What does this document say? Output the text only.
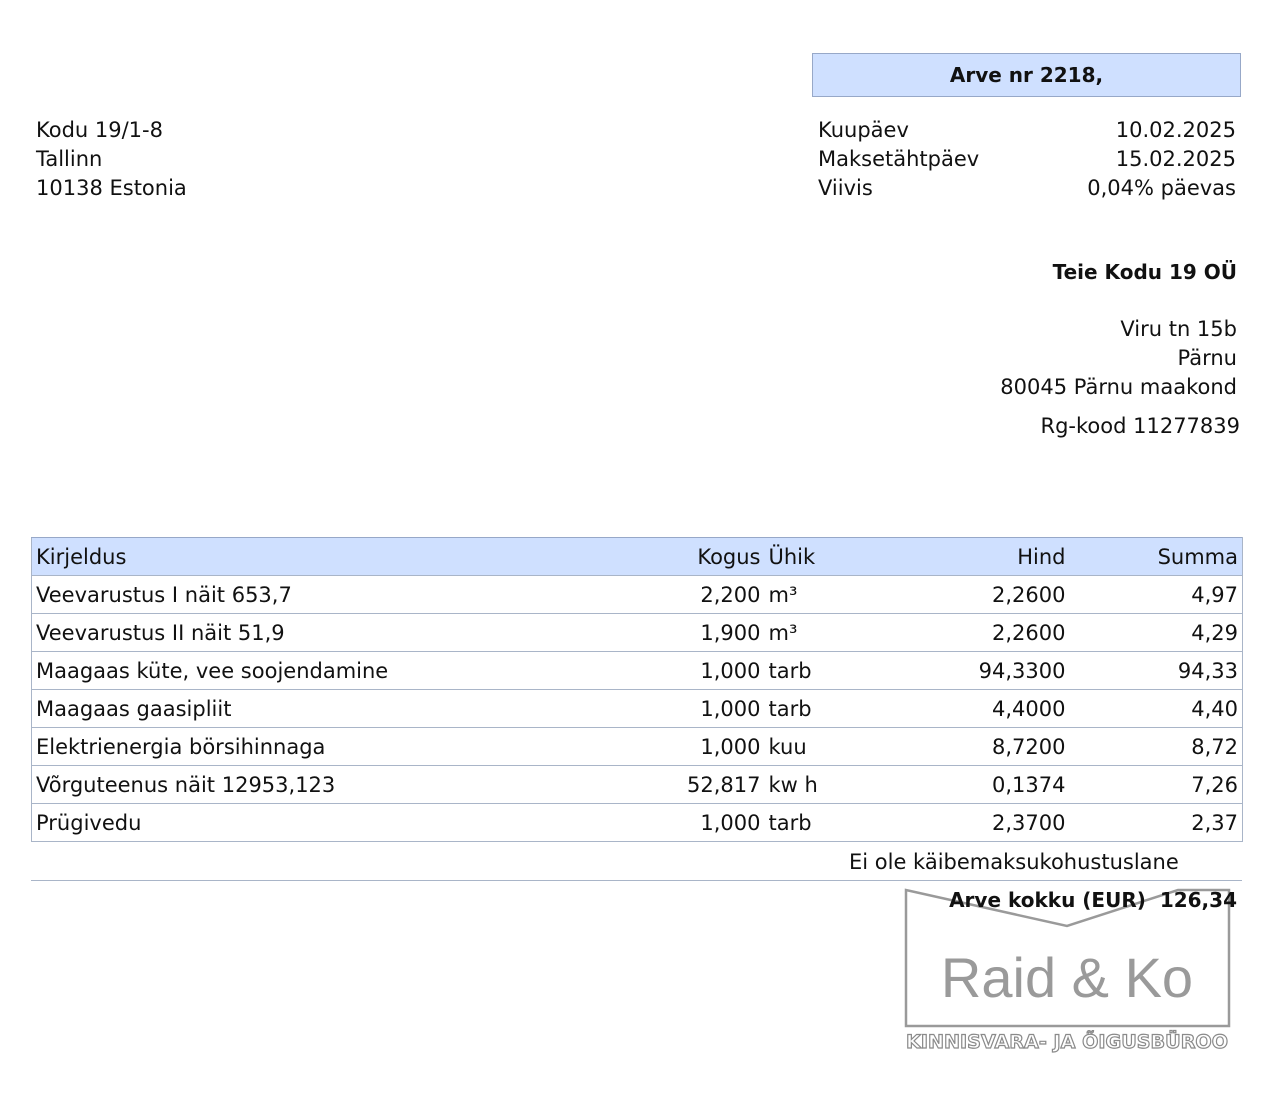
Arve nr 2218,
Kodu 19/1-8
Tallinn
10138 Estonia
Kuupäev	10.02.2025
Maksetähtpäev	15.02.2025
Viivis	0,04% päevas
Teie Kodu 19 OÜ
Viru tn 15b
Pärnu
80045 Pärnu maakond
Rg-kood 11277839
Kirjeldus	Kogus	Ühik	Hind	Summa
Veevarustus I näit 653,7	2,200	m³	2,2600	4,97
Veevarustus II näit 51,9	1,900	m³	2,2600	4,29
Maagaas küte, vee soojendamine	1,000	tarb	94,3300	94,33
Maagaas gaasipliit	1,000	tarb	4,4000	4,40
Elektrienergia börsihinnaga	1,000	kuu	8,7200	8,72
Võrguteenus näit 12953,123	52,817	kw h	0,1374	7,26
Prügivedu	1,000	tarb	2,3700	2,37
Ei ole käibemaksukohustuslane
Raid & Ko
KINNISVARA- JA ÕIGUSBÜROO
Arve kokku (EUR) 126,34
